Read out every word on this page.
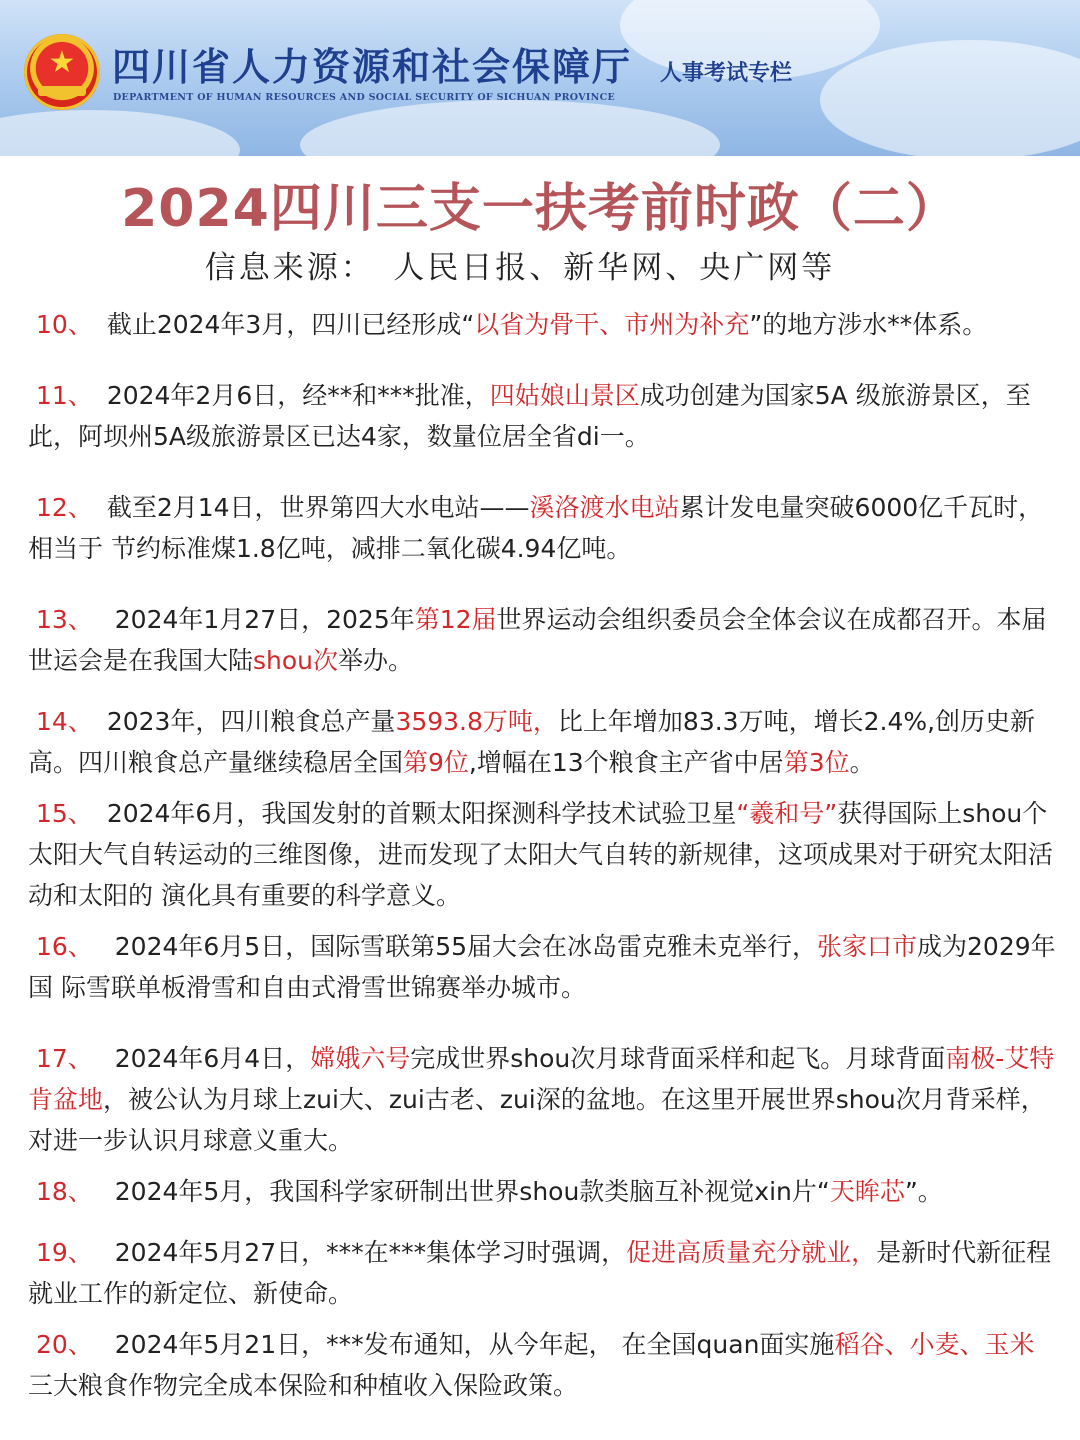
★ 四川省人力资源和社会保障厅
DEPARTMENT OF HUMAN RESOURCES AND SOCIAL SECURITY OF SICHUAN PROVINCE
人事考试专栏
2024四川三支一扶考前时政（二）
信息来源：　人民日报、新华网、央广网等

10、 截止2024年3月，四川已经形成“以省为骨干、市州为补充”的地方涉水**体系。

11、 2024年2月6日，经**和***批准，四姑娘山景区成功创建为国家5A 级旅游景区，至此，阿坝州5A级旅游景区已达4家，数量位居全省di一。

12、 截至2月14日，世界第四大水电站——溪洛渡水电站累计发电量突破6000亿千瓦时，相当于 节约标准煤1.8亿吨，减排二氧化碳4.94亿吨。

13、 2024年1月27日，2025年第12届世界运动会组织委员会全体会议在成都召开。本届世运会是在我国大陆shou次举办。

14、 2023年，四川粮食总产量3593.8万吨，比上年增加83.3万吨，增长2.4%,创历史新高。四川粮食总产量继续稳居全国第9位,增幅在13个粮食主产省中居第3位。

15、 2024年6月，我国发射的首颗太阳探测科学技术试验卫星“羲和号”获得国际上shou个太阳大气自转运动的三维图像，进而发现了太阳大气自转的新规律，这项成果对于研究太阳活动和太阳的 演化具有重要的科学意义。

16、 2024年6月5日，国际雪联第55届大会在冰岛雷克雅未克举行，张家口市成为2029年国 际雪联单板滑雪和自由式滑雪世锦赛举办城市。

17、 2024年6月4日，嫦娥六号完成世界shou次月球背面采样和起飞。月球背面南极-艾特肯盆地，被公认为月球上zui大、zui古老、zui深的盆地。在这里开展世界shou次月背采样，对进一步认识月球意义重大。

18、 2024年5月，我国科学家研制出世界shou款类脑互补视觉xin片“天眸芯”。

19、 2024年5月27日，***在***集体学习时强调，促进高质量充分就业，是新时代新征程就业工作的新定位、新使命。

20、 2024年5月21日，***发布通知，从今年起， 在全国quan面实施稻谷、小麦、玉米三大粮食作物完全成本保险和种植收入保险政策。
